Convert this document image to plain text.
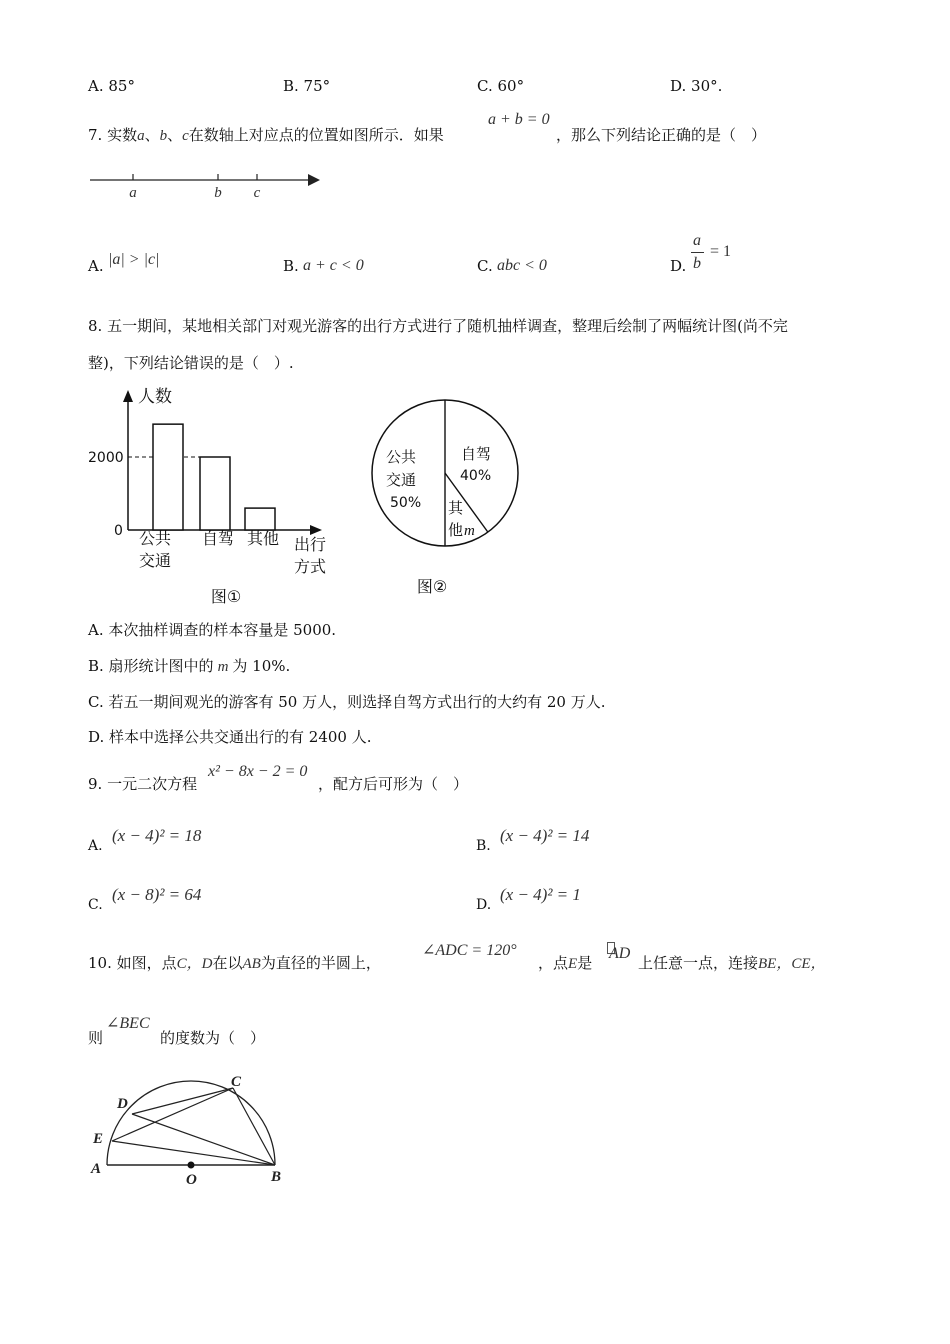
A. 85°	B. 75°	C. 60°	D. 30°.
7. 实数a、b、c在数轴上对应点的位置如图所示．如果
a + b = 0
，那么下列结论正确的是（　）
a	b c
A. |a| > |c|	B. a + c < 0	C. abc < 0	D.
a
b
= 1
8. 五一期间，某地相关部门对观光游客的出行方式进行了随机抽样调查，整理后绘制了两幅统计图(尚不完
整)，下列结论错误的是（　）.
人数
2000
0 公共
交通
自驾 其他 出行
方式
图①
自驾
40%
公共
交通
50% 其
他 m
图②
A. 本次抽样调查的样本容量是 5000.
B. 扇形统计图中的 m 为 10%.
C. 若五一期间观光的游客有 50 万人，则选择自驾方式出行的大约有 20 万人.
D. 样本中选择公共交通出行的有 2400 人.
9. 一元二次方程
x² − 8x − 2 = 0
，配方后可形为（　）
A.
(x − 4)² = 18
B.
(x − 4)² = 14
C.
(x − 8)² = 64
D.
(x − 4)² = 1
10. 如图，点C，D在以AB为直径的半圆上，
∠ADC = 120°
，点E是
AD
上任意一点，连接BE，CE，
则
∠BEC
的度数为（　）
A
O	B
C
D
E
